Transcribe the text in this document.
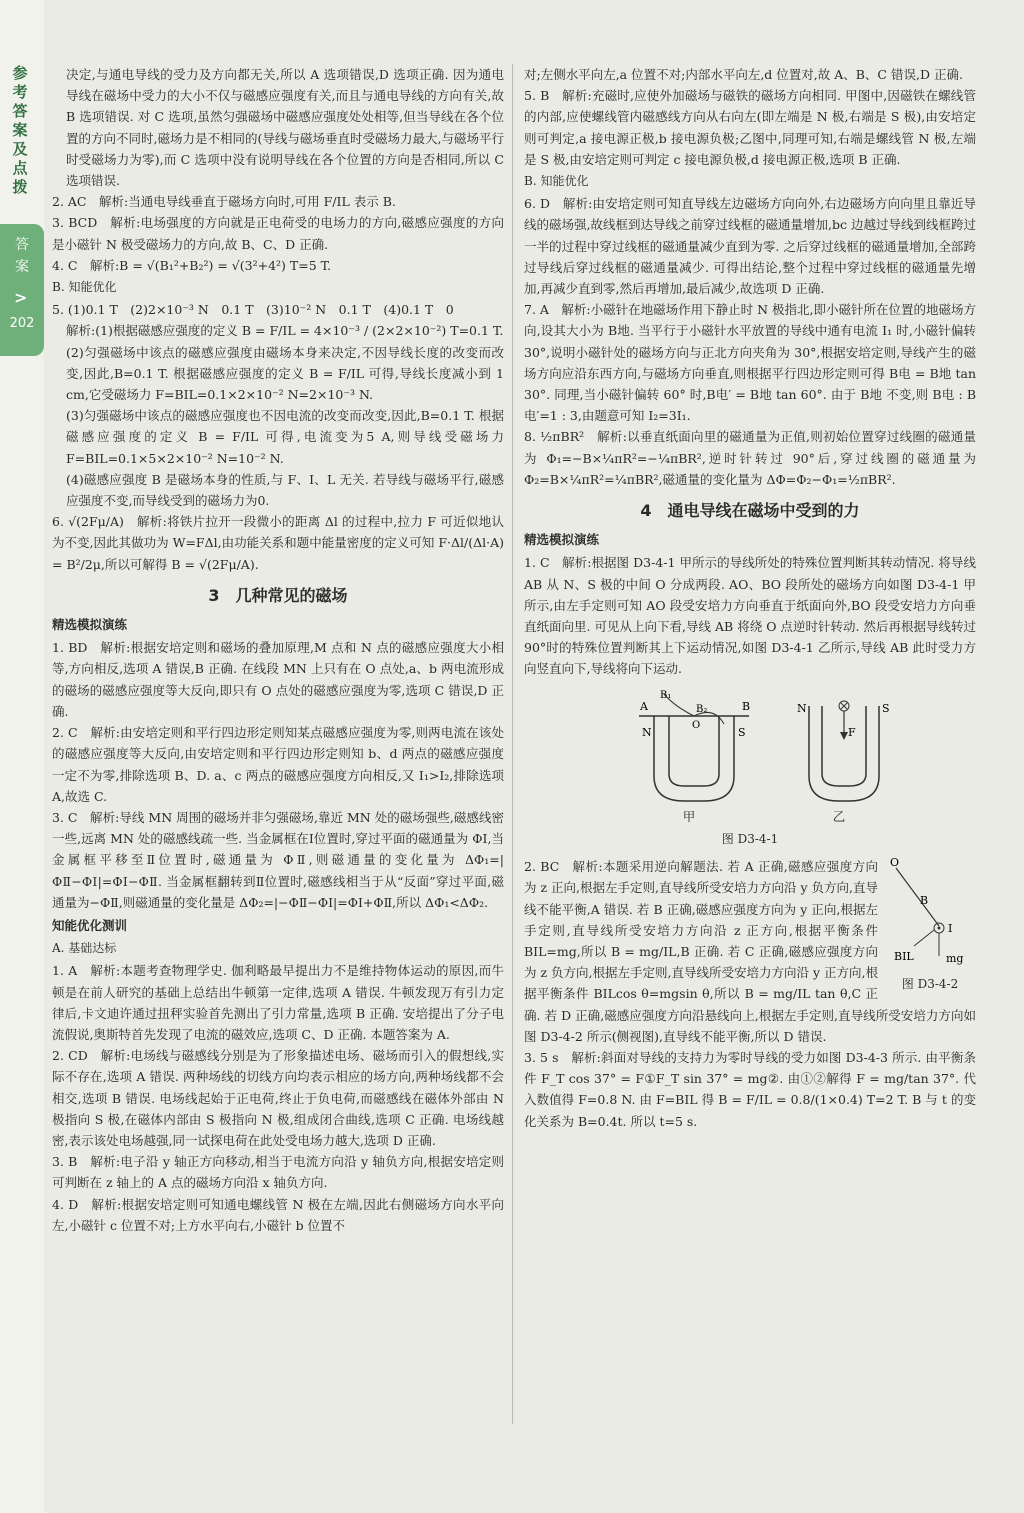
参考答案及点拨
答案
>
202

决定,与通电导线的受力及方向都无关,所以 A 选项错误,D 选项正确. 因为通电导线在磁场中受力的大小不仅与磁感应强度有关,而且与通电导线的方向有关,故 B 选项错误. 对 C 选项,虽然匀强磁场中磁感应强度处处相等,但当导线在各个位置的方向不同时,磁场力是不相同的(导线与磁场垂直时受磁场力最大,与磁场平行时受磁场力为零),而 C 选项中没有说明导线在各个位置的方向是否相同,所以 C 选项错误.

2. AC　解析:当通电导线垂直于磁场方向时,可用 F/IL 表示 B.

3. BCD　解析:电场强度的方向就是正电荷受的电场力的方向,磁感应强度的方向是小磁针 N 极受磁场力的方向,故 B、C、D 正确.

4. C　解析:B = √(B₁²+B₂²) = √(3²+4²) T=5 T.

B. 知能优化

5. (1)0.1 T　(2)2×10⁻³ N　0.1 T　(3)10⁻² N　0.1 T　(4)0.1 T　0

解析:(1)根据磁感应强度的定义 B = F/IL = 4×10⁻³ / (2×2×10⁻²) T=0.1 T.

(2)匀强磁场中该点的磁感应强度由磁场本身来决定,不因导线长度的改变而改变,因此,B=0.1 T. 根据磁感应强度的定义 B = F/IL 可得,导线长度减小到 1 cm,它受磁场力 F=BIL=0.1×2×10⁻² N=2×10⁻³ N.

(3)匀强磁场中该点的磁感应强度也不因电流的改变而改变,因此,B=0.1 T. 根据磁感应强度的定义 B = F/IL 可得,电流变为5 A,则导线受磁场力 F=BIL=0.1×5×2×10⁻² N=10⁻² N.

(4)磁感应强度 B 是磁场本身的性质,与 F、I、L 无关. 若导线与磁场平行,磁感应强度不变,而导线受到的磁场力为0.

6. √(2Fμ/A)　解析:将铁片拉开一段微小的距离 Δl 的过程中,拉力 F 可近似地认为不变,因此其做功为 W=FΔl,由功能关系和题中能量密度的定义可知 F·Δl/(Δl·A) = B²/2μ,所以可解得 B = √(2Fμ/A).

3　几种常见的磁场
精选模拟演练

1. BD　解析:根据安培定则和磁场的叠加原理,M 点和 N 点的磁感应强度大小相等,方向相反,选项 A 错误,B 正确. 在线段 MN 上只有在 O 点处,a、b 两电流形成的磁场的磁感应强度等大反向,即只有 O 点处的磁感应强度为零,选项 C 错误,D 正确.

2. C　解析:由安培定则和平行四边形定则知某点磁感应强度为零,则两电流在该处的磁感应强度等大反向,由安培定则和平行四边形定则知 b、d 两点的磁感应强度一定不为零,排除选项 B、D. a、c 两点的磁感应强度方向相反,又 I₁>I₂,排除选项 A,故选 C.

3. C　解析:导线 MN 周围的磁场并非匀强磁场,靠近 MN 处的磁场强些,磁感线密一些,远离 MN 处的磁感线疏一些. 当金属框在Ⅰ位置时,穿过平面的磁通量为 ΦⅠ,当金属框平移至Ⅱ位置时,磁通量为 ΦⅡ,则磁通量的变化量为 ΔΦ₁=|ΦⅡ−ΦⅠ|=ΦⅠ−ΦⅡ. 当金属框翻转到Ⅱ位置时,磁感线相当于从“反面”穿过平面,磁通量为−ΦⅡ,则磁通量的变化量是 ΔΦ₂=|−ΦⅡ−ΦⅠ|=ΦⅠ+ΦⅡ,所以 ΔΦ₁<ΔΦ₂.

知能优化测训

A. 基础达标

1. A　解析:本题考查物理学史. 伽利略最早提出力不是维持物体运动的原因,而牛顿是在前人研究的基础上总结出牛顿第一定律,选项 A 错误. 牛顿发现万有引力定律后,卡文迪许通过扭秤实验首先测出了引力常量,选项 B 正确. 安培提出了分子电流假说,奥斯特首先发现了电流的磁效应,选项 C、D 正确. 本题答案为 A.

2. CD　解析:电场线与磁感线分别是为了形象描述电场、磁场而引入的假想线,实际不存在,选项 A 错误. 两种场线的切线方向均表示相应的场方向,两种场线都不会相交,选项 B 错误. 电场线起始于正电荷,终止于负电荷,而磁感线在磁体外部由 N 极指向 S 极,在磁体内部由 S 极指向 N 极,组成闭合曲线,选项 C 正确. 电场线越密,表示该处电场越强,同一试探电荷在此处受电场力越大,选项 D 正确.

3. B　解析:电子沿 y 轴正方向移动,相当于电流方向沿 y 轴负方向,根据安培定则可判断在 z 轴上的 A 点的磁场方向沿 x 轴负方向.

4. D　解析:根据安培定则可知通电螺线管 N 极在左端,因此右侧磁场方向水平向左,小磁针 c 位置不对;上方水平向右,小磁针 b 位置不

对;左侧水平向左,a 位置不对;内部水平向左,d 位置对,故 A、B、C 错误,D 正确.

5. B　解析:充磁时,应使外加磁场与磁铁的磁场方向相同. 甲图中,因磁铁在螺线管的内部,应使螺线管内磁感线方向从右向左(即左端是 N 极,右端是 S 极),由安培定则可判定,a 接电源正极,b 接电源负极;乙图中,同理可知,右端是螺线管 N 极,左端是 S 极,由安培定则可判定 c 接电源负极,d 接电源正极,选项 B 正确.

B. 知能优化

6. D　解析:由安培定则可知直导线左边磁场方向向外,右边磁场方向向里且靠近导线的磁场强,故线框到达导线之前穿过线框的磁通量增加,bc 边越过导线到线框跨过一半的过程中穿过线框的磁通量减少直到为零. 之后穿过线框的磁通量增加,全部跨过导线后穿过线框的磁通量减少. 可得出结论,整个过程中穿过线框的磁通量先增加,再减少直到零,然后再增加,最后减少,故选项 D 正确.

7. A　解析:小磁针在地磁场作用下静止时 N 极指北,即小磁针所在位置的地磁场方向,设其大小为 B地. 当平行于小磁针水平放置的导线中通有电流 I₁ 时,小磁针偏转 30°,说明小磁针处的磁场方向与正北方向夹角为 30°,根据安培定则,导线产生的磁场方向应沿东西方向,与磁场方向垂直,则根据平行四边形定则可得 B电 = B地 tan 30°. 同理,当小磁针偏转 60° 时,B电′ = B地 tan 60°. 由于 B地 不变,则 B电 : B电′=1 : 3,由题意可知 I₂=3I₁.

8. ½πBR²　解析:以垂直纸面向里的磁通量为正值,则初始位置穿过线圈的磁通量为 Φ₁=−B×¼πR²=−¼πBR²,逆时针转过 90°后,穿过线圈的磁通量为 Φ₂=B×¼πR²=¼πBR²,磁通量的变化量为 ΔΦ=Φ₂−Φ₁=½πBR².

4　通电导线在磁场中受到的力
精选模拟演练

1. C　解析:根据图 D3-4-1 甲所示的导线所处的特殊位置判断其转动情况. 将导线 AB 从 N、S 极的中间 O 分成两段. AO、BO 段所处的磁场方向如图 D3-4-1 甲所示,由左手定则可知 AO 段受安培力方向垂直于纸面向外,BO 段受安培力方向垂直纸面向里. 可见从上向下看,导线 AB 将绕 O 点逆时针转动. 然后再根据导线转过 90°时的特殊位置判断其上下运动情况,如图 D3-4-1 乙所示,导线 AB 此时受力方向竖直向下,导线将向下运动.

A	B
O
B₁
B₂
N	S
N	S
F
甲	乙
图 D3-4-1
O
B
I
BIL	mg
图 D3-4-2

2. BC　解析:本题采用逆向解题法. 若 A 正确,磁感应强度方向为 z 正向,根据左手定则,直导线所受安培力方向沿 y 负方向,直导线不能平衡,A 错误. 若 B 正确,磁感应强度方向为 y 正向,根据左手定则,直导线所受安培力方向沿 z 正方向,根据平衡条件 BIL=mg,所以 B = mg/IL,B 正确. 若 C 正确,磁感应强度方向为 z 负方向,根据左手定则,直导线所受安培力方向沿 y 正方向,根据平衡条件 BILcos θ=mgsin θ,所以 B = mg/IL tan θ,C 正确. 若 D 正确,磁感应强度方向沿悬线向上,根据左手定则,直导线所受安培力方向如图 D3-4-2 所示(侧视图),直导线不能平衡,所以 D 错误.

3. 5 s　解析:斜面对导线的支持力为零时导线的受力如图 D3-4-3 所示. 由平衡条件 F_T cos 37° = F①F_T sin 37° = mg②. 由①②解得 F = mg/tan 37°. 代入数值得 F=0.8 N. 由 F=BIL 得 B = F/IL = 0.8/(1×0.4) T=2 T. B 与 t 的变化关系为 B=0.4t. 所以 t=5 s.
